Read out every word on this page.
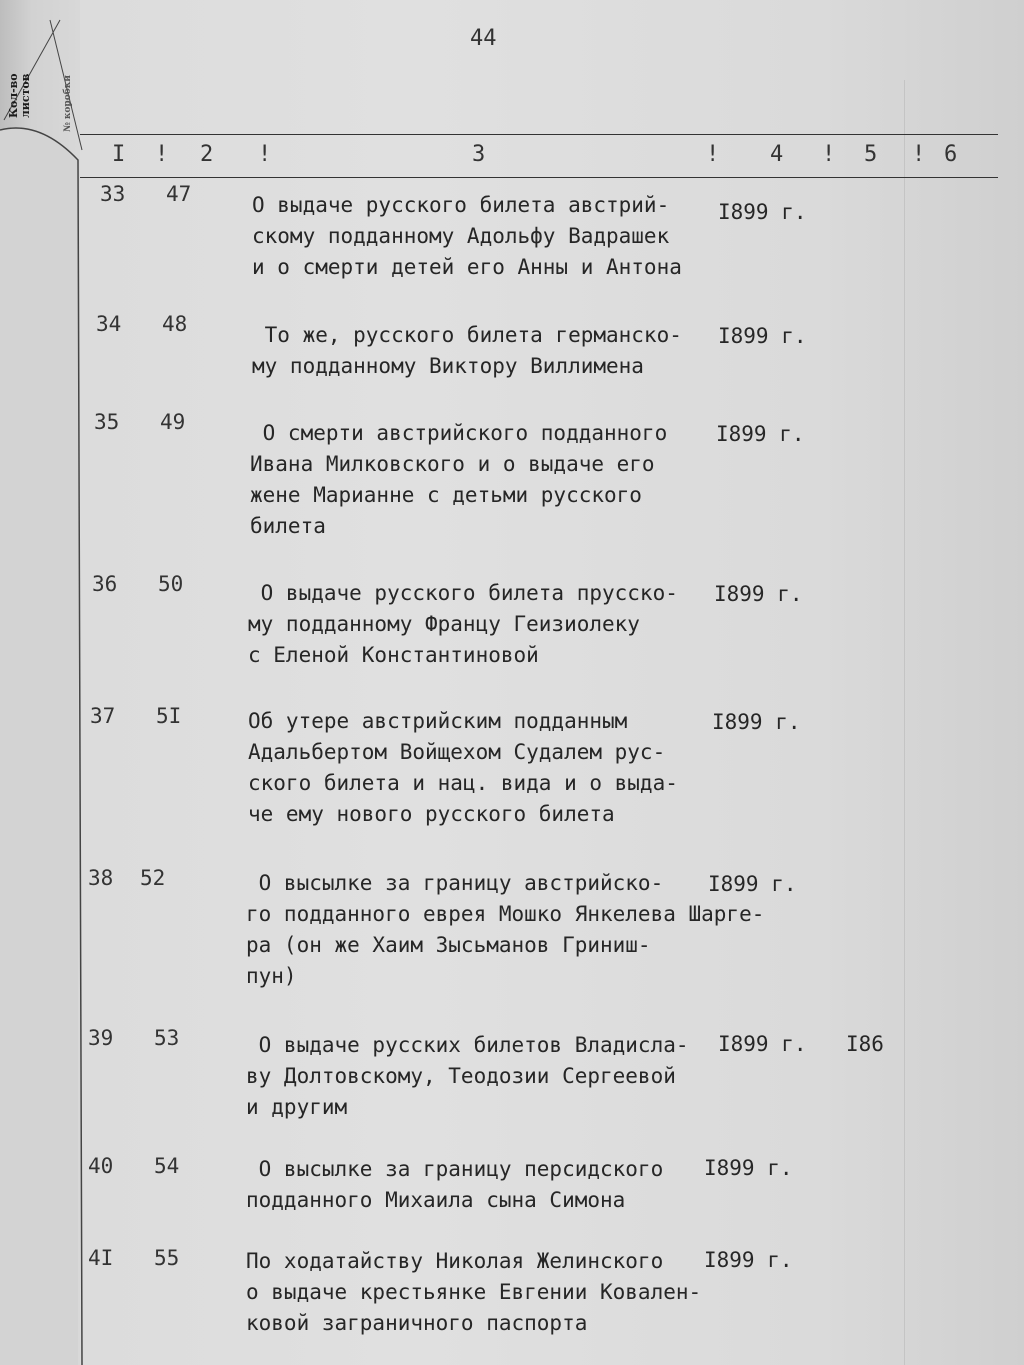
Кол-во
листов	№ коробки
44
I ! 2 !	3	! 4 ! 5 ! 6
33 47	О выдаче русского билета австрий-
скому подданному Адольфу Вадрашек
и о смерти детей его Анны и Антона
I899 г.
34 48	То же, русского билета германско-
му подданному Виктору Виллимена
I899 г.
35 49	О смерти австрийского подданного
Ивана Милковского и о выдаче его
жене Марианне с детьми русского
билета
I899 г.
36 50	О выдаче русского билета прусско-
му подданному Францу Геизиолеку
с Еленой Константиновой
I899 г.
37 5I	Об утере австрийским подданным
Адальбертом Войщехом Судалем рус-
ского билета и нац. вида и о выда-
че ему нового русского билета
I899 г.
38 52	О высылке за границу австрийско-
го подданного еврея Мошко Янкелева Шарге-
ра (он же Хаим Зысьманов Гриниш-
пун)
I899 г.
39 53	О выдаче русских билетов Владисла-
ву Долтовскому, Теодозии Сергеевой
и другим
I899 г. I86
40 54	О высылке за границу персидского
подданного Михаила сына Симона
I899 г.
4I 55	По ходатайству Николая Желинского
о выдаче крестьянке Евгении Ковален-
ковой заграничного паспорта
I899 г.
